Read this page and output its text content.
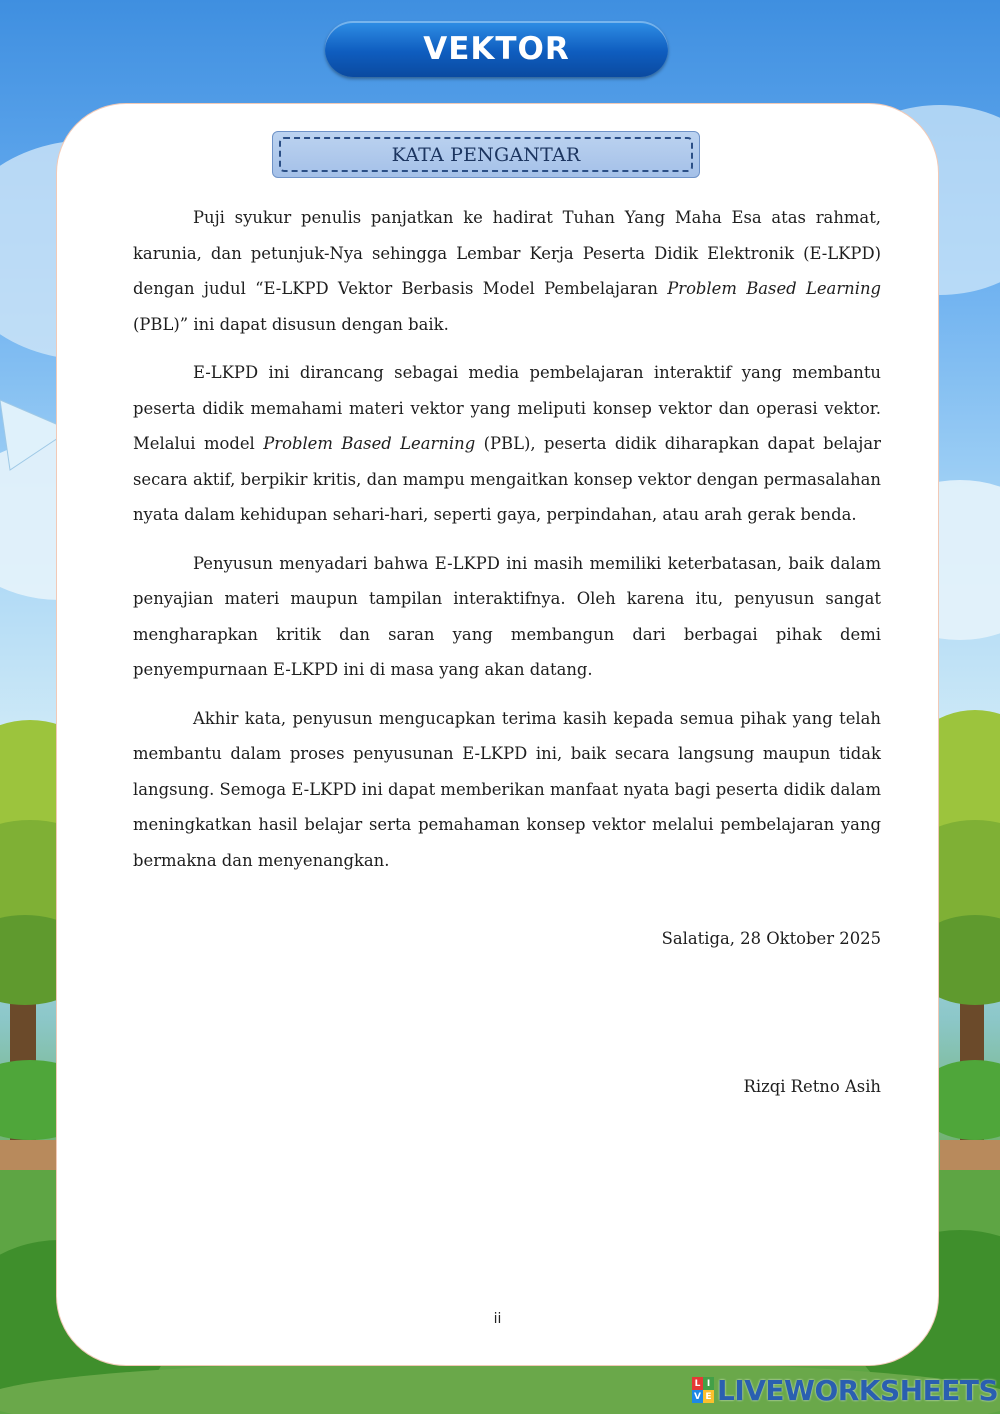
VEKTOR
KATA PENGANTAR

Puji syukur penulis panjatkan ke hadirat Tuhan Yang Maha Esa atas rahmat, karunia, dan petunjuk-Nya sehingga Lembar Kerja Peserta Didik Elektronik (E-LKPD) dengan judul “E-LKPD Vektor Berbasis Model Pembelajaran Problem Based Learning (PBL)” ini dapat disusun dengan baik.

E-LKPD ini dirancang sebagai media pembelajaran interaktif yang membantu peserta didik memahami materi vektor yang meliputi konsep vektor dan operasi vektor. Melalui model Problem Based Learning (PBL), peserta didik diharapkan dapat belajar secara aktif, berpikir kritis, dan mampu mengaitkan konsep vektor dengan permasalahan nyata dalam kehidupan sehari-hari, seperti gaya, perpindahan, atau arah gerak benda.

Penyusun menyadari bahwa E-LKPD ini masih memiliki keterbatasan, baik dalam penyajian materi maupun tampilan interaktifnya. Oleh karena itu, penyusun sangat mengharapkan kritik dan saran yang membangun dari berbagai pihak demi penyempurnaan E-LKPD ini di masa yang akan datang.

Akhir kata, penyusun mengucapkan terima kasih kepada semua pihak yang telah membantu dalam proses penyusunan E-LKPD ini, baik secara langsung maupun tidak langsung. Semoga E-LKPD ini dapat memberikan manfaat nyata bagi peserta didik dalam meningkatkan hasil belajar serta pemahaman konsep vektor melalui pembelajaran yang bermakna dan menyenangkan.

Salatiga, 28 Oktober 2025
Rizqi Retno Asih
ii
L I
V E LIVEWORKSHEETS
